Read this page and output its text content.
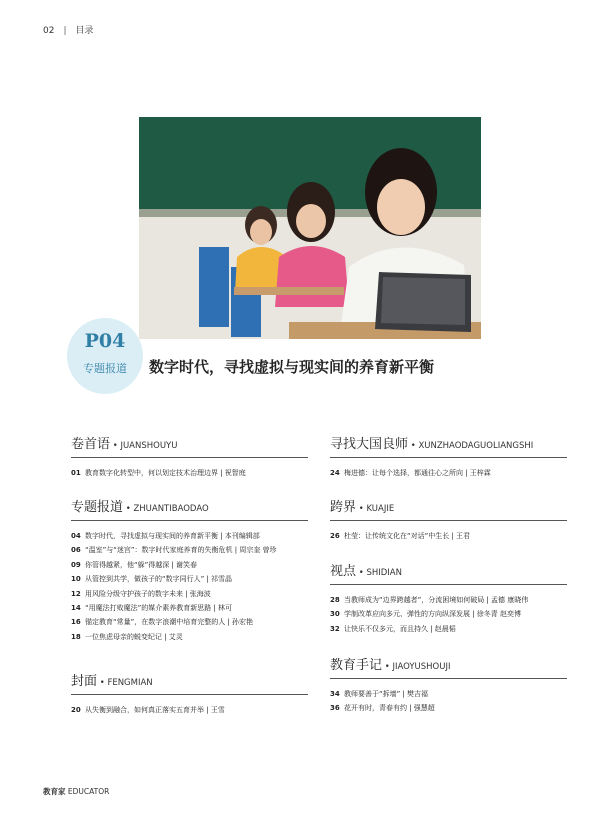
02 | 目录
P04
专题报道	数字时代，寻找虚拟与现实间的养育新平衡
卷首语 • JUANSHOUYU
01 教育数字化转型中，何以划定技术治理边界 | 祝智庭
专题报道 • ZHUANTIBAODAO
04 数字时代，寻找虚拟与现实间的养育新平衡 | 本刊编辑部
06 “温室”与“迷宫”：数字时代家庭养育的失衡危机 | 周宗奎 曾珍
09 你管得越紧，他“躲”得越深 | 谢笑春
10 从管控到共学，做孩子的“数字同行人” | 祁雪晶
12 用风险分级守护孩子的数字未来 | 张海波
14 “用魔法打败魔法”的媒介素养教育新思路 | 林可
16 锚定教育“常量”，在数字浪潮中培育完整的人 | 孙宏艳
18 一位焦虑母亲的蜕变纪记 | 艾灵
封面 • FENGMIAN
20 从失衡到融合，如何真正落实五育并举 | 王雪
寻找大国良师 • XUNZHAODAGUOLIANGSHI
24 梅进德：让每个选择，都通往心之所向 | 王梓霖
跨界 • KUAJIE
26 杜莹：让传统文化在“对话”中生长 | 王君
视点 • SHIDIAN
28 当教师成为“边界跨越者”，分流困境如何破局 | 孟德 康晓伟
30 学制改革应向多元、弹性的方向纵深发展 | 徐冬青 赵奕博
32 让快乐不仅多元，而且持久 | 赵晨韬
教育手记 • JIAOYUSHOUJI
34 教师要善于“拆墙” | 樊吉福
36 花开有时，青春有约 | 强慧超
教育家 EDUCATOR
